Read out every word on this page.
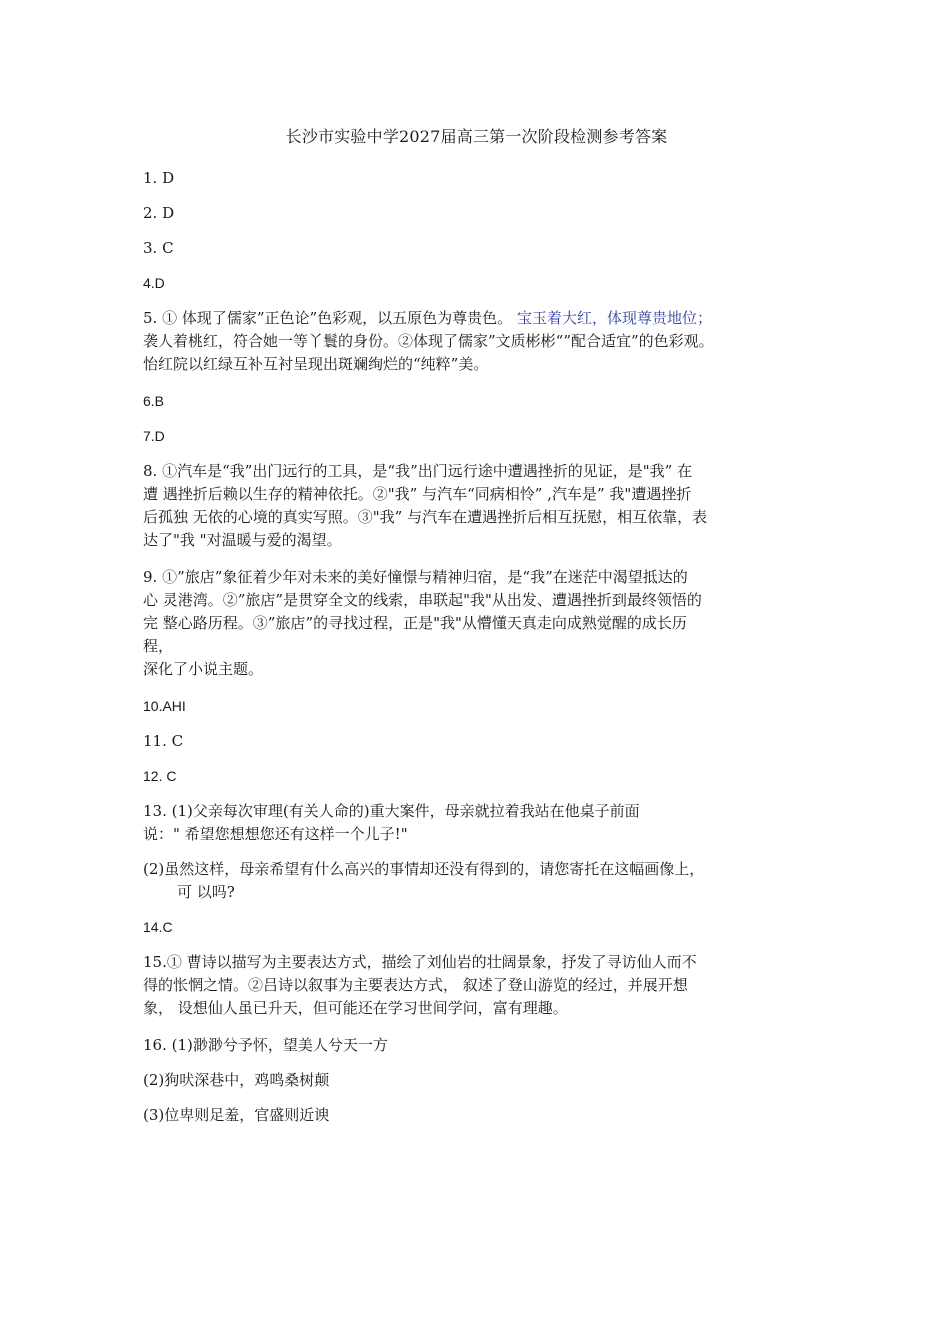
长沙市实验中学2027届高三第一次阶段检测参考答案

1. D

2. D

3. C

4.D

5. ① 体现了儒家”正色论”色彩观，以五原色为尊贵色。 宝玉着大红，体现尊贵地位；
袭人着桃红，符合她一等丫鬟的身份。②体现了儒家”文质彬彬“”配合适宜”的色彩观。
怡红院以红绿互补互衬呈现出斑斓绚烂的“纯粹”美。

6.B

7.D

8. ①汽车是“我”出门远行的工具，是“我”出门远行途中遭遇挫折的见证，是"我” 在
遭 遇挫折后赖以生存的精神依托。②"我” 与汽车“同病相怜” ,汽车是” 我"遭遇挫折
后孤独 无依的心境的真实写照。③"我” 与汽车在遭遇挫折后相互抚慰，相互依靠，表
达了"我 "对温暖与爱的渴望。
9. ①”旅店”象征着少年对未来的美好憧憬与精神归宿，是“我”在迷茫中渴望抵达的
心 灵港湾。②”旅店”是贯穿全文的线索，串联起"我"从出发、遭遇挫折到最终领悟的
完 整心路历程。③”旅店”的寻找过程，正是"我"从懵懂天真走向成熟觉醒的成长历
程，
深化了小说主题。

10.AHI

11. C

12. C

13. (1)父亲每次审理(有关人命的)重大案件，母亲就拉着我站在他桌子前面
说：" 希望您想想您还有这样一个儿子!"
(2)虽然这样，母亲希望有什么高兴的事情却还没有得到的，请您寄托在这幅画像上，
可 以吗?

14.C

15.① 曹诗以描写为主要表达方式，描绘了刘仙岩的壮阔景象，抒发了寻访仙人而不
得的怅惘之情。②吕诗以叙事为主要表达方式， 叙述了登山游览的经过，并展开想
象， 设想仙人虽已升天，但可能还在学习世间学问，富有理趣。

16. (1)渺渺兮予怀，望美人兮天一方

(2)狗吠深巷中，鸡鸣桑树颠

(3)位卑则足羞，官盛则近谀
